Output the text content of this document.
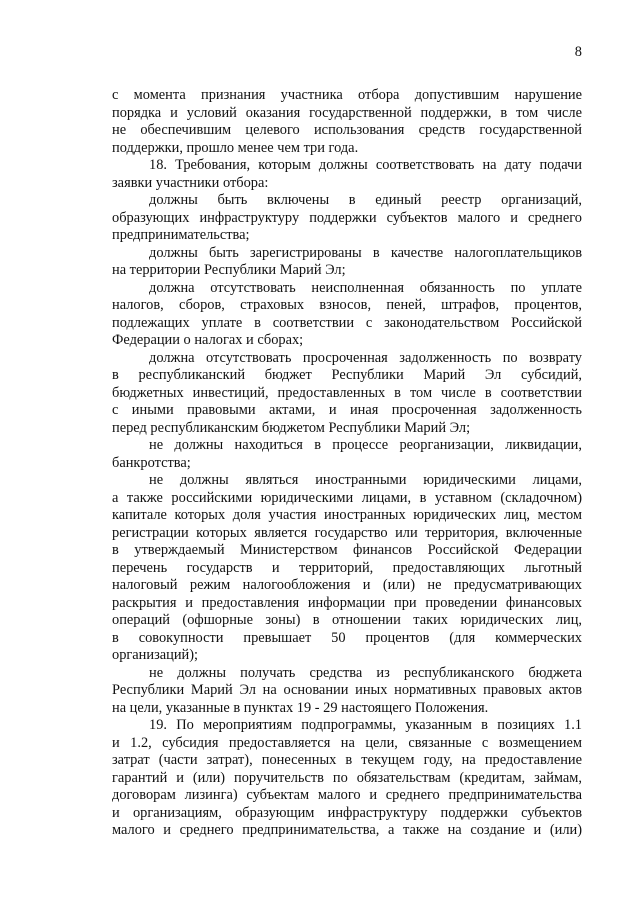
8
с момента признания участника отбора допустившим нарушение
порядка и условий оказания государственной поддержки, в том числе
не обеспечившим целевого использования средств государственной
поддержки, прошло менее чем три года.
18. Требования, которым должны соответствовать на дату подачи
заявки участники отбора:
должны быть включены в единый реестр организаций,
образующих инфраструктуру поддержки субъектов малого и среднего
предпринимательства;
должны быть зарегистрированы в качестве налогоплательщиков
на территории Республики Марий Эл;
должна отсутствовать неисполненная обязанность по уплате
налогов, сборов, страховых взносов, пеней, штрафов, процентов,
подлежащих уплате в соответствии с законодательством Российской
Федерации о налогах и сборах;
должна отсутствовать просроченная задолженность по возврату
в республиканский бюджет Республики Марий Эл субсидий,
бюджетных инвестиций, предоставленных в том числе в соответствии
с иными правовыми актами, и иная просроченная задолженность
перед республиканским бюджетом Республики Марий Эл;
не должны находиться в процессе реорганизации, ликвидации,
банкротства;
не должны являться иностранными юридическими лицами,
а также российскими юридическими лицами, в уставном (складочном)
капитале которых доля участия иностранных юридических лиц, местом
регистрации которых является государство или территория, включенные
в утверждаемый Министерством финансов Российской Федерации
перечень государств и территорий, предоставляющих льготный
налоговый режим налогообложения и (или) не предусматривающих
раскрытия и предоставления информации при проведении финансовых
операций (офшорные зоны) в отношении таких юридических лиц,
в совокупности превышает 50 процентов (для коммерческих
организаций);
не должны получать средства из республиканского бюджета
Республики Марий Эл на основании иных нормативных правовых актов
на цели, указанные в пунктах 19 - 29 настоящего Положения.
19. По мероприятиям подпрограммы, указанным в позициях 1.1
и 1.2, субсидия предоставляется на цели, связанные с возмещением
затрат (части затрат), понесенных в текущем году, на предоставление
гарантий и (или) поручительств по обязательствам (кредитам, займам,
договорам лизинга) субъектам малого и среднего предпринимательства
и организациям, образующим инфраструктуру поддержки субъектов
малого и среднего предпринимательства, а также на создание и (или)
